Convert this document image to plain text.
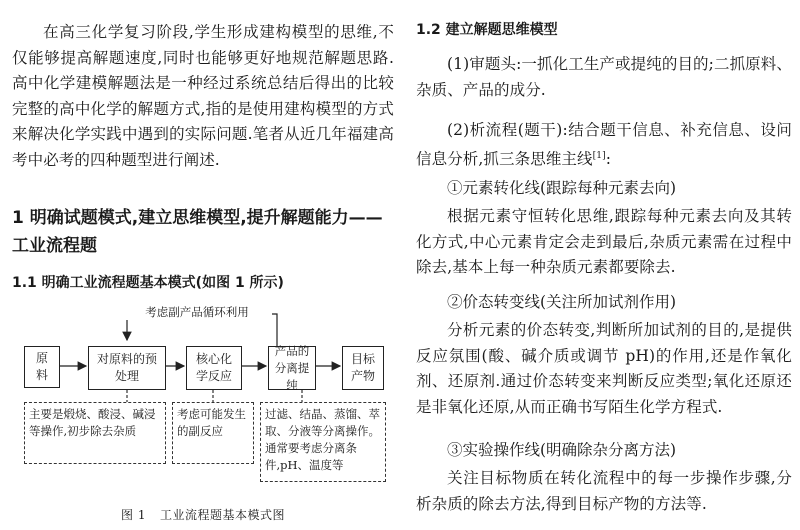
在高三化学复习阶段,学生形成建构模型的思维,不仅能够提高解题速度,同时也能够更好地规范解题思路.高中化学建模解题法是一种经过系统总结后得出的比较完整的高中化学的解题方式,指的是使用建构模型的方式来解决化学实践中遇到的实际问题.笔者从近几年福建高考中必考的四种题型进行阐述.

1 明确试题模式,建立思维模型,提升解题能力——工业流程题
1.1 明确工业流程题基本模式(如图 1 所示)
考虑副产品循环利用
原料
对原料的预处理
核心化学反应
产品的分离提纯
目标产物
主要是煅烧、酸浸、碱浸等操作,初步除去杂质
考虑可能发生的副反应
过滤、结晶、蒸馏、萃取、分液等分离操作。通常要考虑分离条件,pH、温度等
图 1 工业流程题基本模式图
1.2 建立解题思维模型

(1)审题头:一抓化工生产或提纯的目的;二抓原料、杂质、产品的成分.

(2)析流程(题干):结合题干信息、补充信息、设问信息分析,抓三条思维主线[1]:

①元素转化线(跟踪每种元素去向)

根据元素守恒转化思维,跟踪每种元素去向及其转化方式,中心元素肯定会走到最后,杂质元素需在过程中除去,基本上每一种杂质元素都要除去.

②价态转变线(关注所加试剂作用)

分析元素的价态转变,判断所加试剂的目的,是提供反应氛围(酸、碱介质或调节 pH)的作用,还是作氧化剂、还原剂.通过价态转变来判断反应类型;氧化还原还是非氧化还原,从而正确书写陌生化学方程式.

③实验操作线(明确除杂分离方法)

关注目标物质在转化流程中的每一步操作步骤,分析杂质的除去方法,得到目标产物的方法等.
